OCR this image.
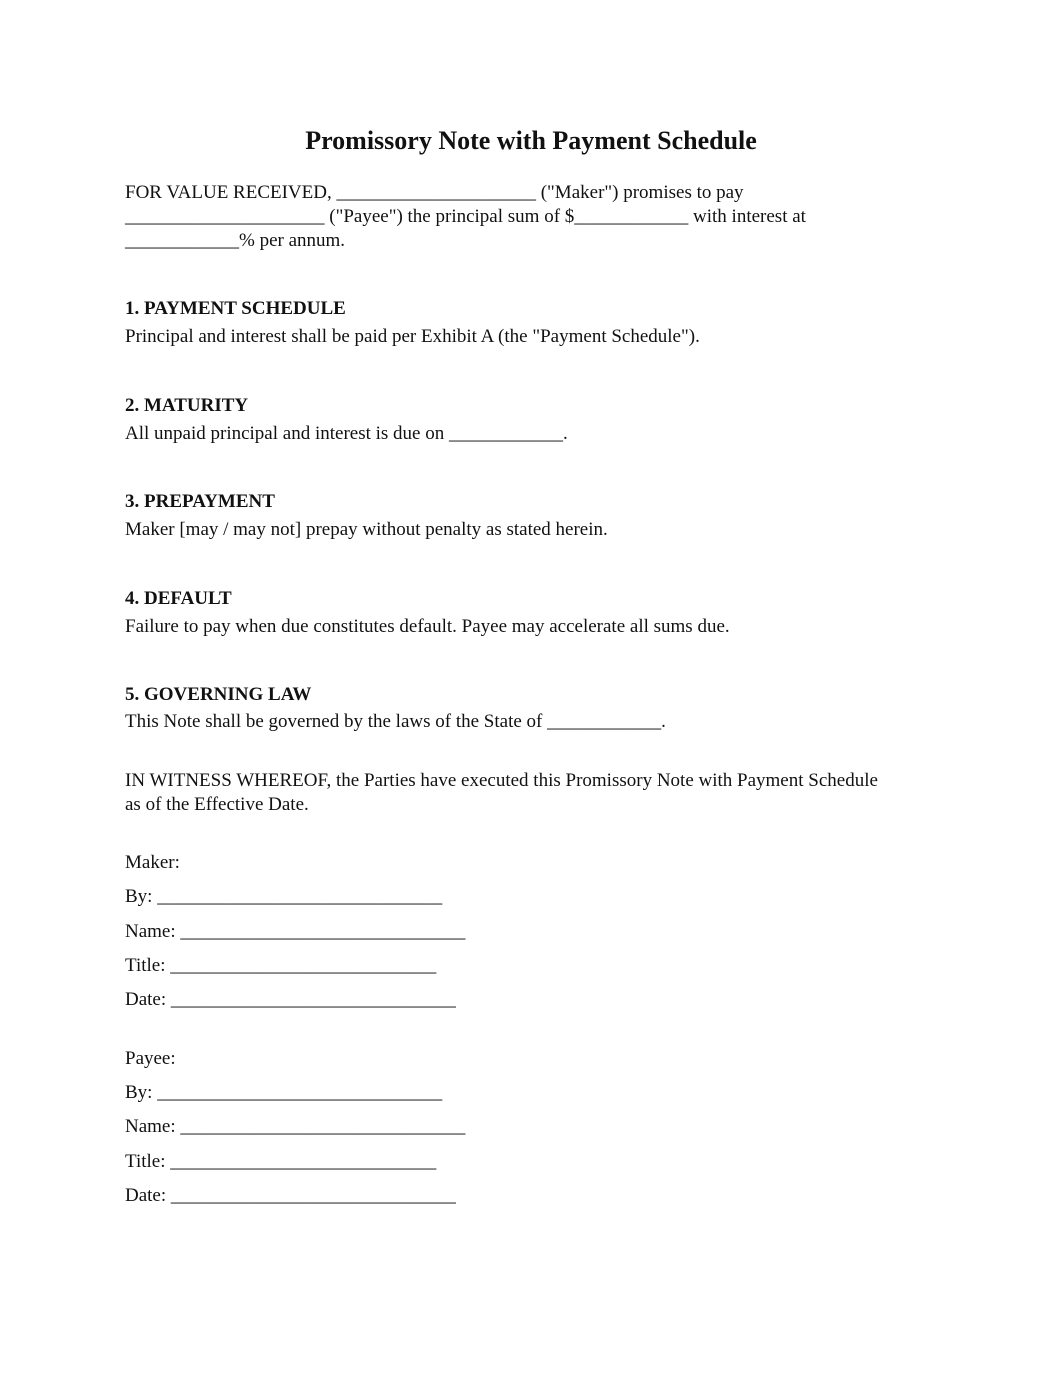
Promissory Note with Payment Schedule
FOR VALUE RECEIVED, _____________________ ("Maker") promises to pay
_____________________ ("Payee") the principal sum of $____________ with interest at
____________% per annum.
1. PAYMENT SCHEDULE
Principal and interest shall be paid per Exhibit A (the "Payment Schedule").
2. MATURITY
All unpaid principal and interest is due on ____________.
3. PREPAYMENT
Maker [may / may not] prepay without penalty as stated herein.
4. DEFAULT
Failure to pay when due constitutes default. Payee may accelerate all sums due.
5. GOVERNING LAW
This Note shall be governed by the laws of the State of ____________.
IN WITNESS WHEREOF, the Parties have executed this Promissory Note with Payment Schedule
as of the Effective Date.
Maker:
By: ______________________________
Name: ______________________________
Title: ____________________________
Date: ______________________________
Payee:
By: ______________________________
Name: ______________________________
Title: ____________________________
Date: ______________________________
